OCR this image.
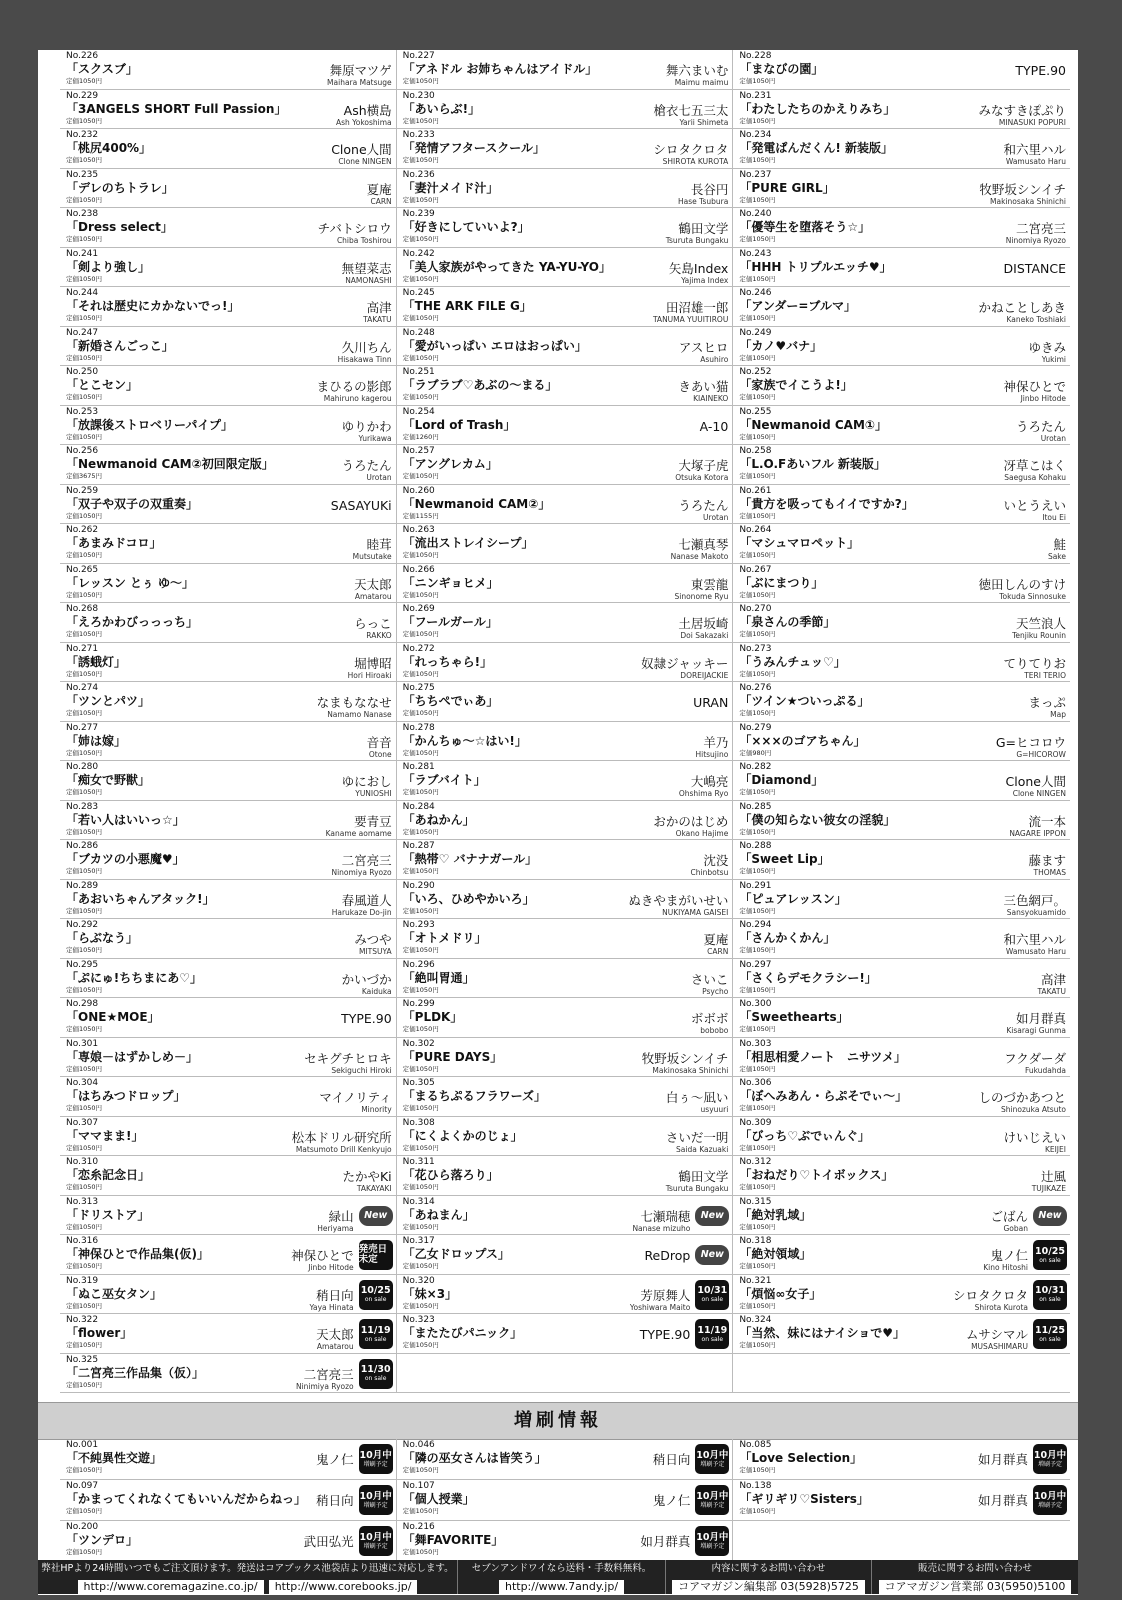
No.226
「スクスブ」
定価1050円
舞原マツゲ
Maihara Matsuge
No.227
「アネドル お姉ちゃんはアイドル」
定価1050円
舞六まいむ
Maimu maimu
No.228
「まなびの園」
定価1050円
TYPE.90
No.229
「3ANGELS SHORT Full Passion」
定価1050円
Ash横島
Ash Yokoshima
No.230
「あいらぶ!」
定価1050円
槍衣七五三太
Yarii Shimeta
No.231
「わたしたちのかえりみち」
定価1050円
みなすきぽぷり
MINASUKI POPURI
No.232
「桃尻400%」
定価1050円
Clone人間
Clone NINGEN
No.233
「発情アフタースクール」
定価1050円
シロタクロタ
SHIROTA KUROTA
No.234
「発電ぱんだくん! 新装版」
定価1050円
和六里ハル
Wamusato Haru
No.235
「デレのちトラレ」
定価1050円
夏庵
CARN
No.236
「妻汁メイド汁」
定価1050円
長谷円
Hase Tsubura
No.237
「PURE GIRL」
定価1050円
牧野坂シンイチ
Makinosaka Shinichi
No.238
「Dress select」
定価1050円
チバトシロウ
Chiba Toshirou
No.239
「好きにしていいよ?」
定価1050円
鶴田文学
Tsuruta Bungaku
No.240
「優等生を堕落そう☆」
定価1050円
二宮亮三
Ninomiya Ryozo
No.241
「剣より強し」
定価1050円
無望菜志
NAMONASHI
No.242
「美人家族がやってきた YA-YU-YO」
定価1050円
矢島Index
Yajima Index
No.243
「HHH トリプルエッチ♥」
定価1050円
DISTANCE
No.244
「それは歴史にカかないでっ!」
定価1050円
高津
TAKATU
No.245
「THE ARK FILE G」
定価1050円
田沼雄一郎
TANUMA YUUITIROU
No.246
「アンダー=ブルマ」
定価1050円
かねことしあき
Kaneko Toshiaki
No.247
「新婚さんごっこ」
定価1050円
久川ちん
Hisakawa Tinn
No.248
「愛がいっぱい エロはおっぱい」
定価1050円
アスヒロ
Asuhiro
No.249
「カノ♥バナ」
定価1050円
ゆきみ
Yukimi
No.250
「とこセン」
定価1050円
まひるの影郎
Mahiruno kagerou
No.251
「ラブラブ♡あぶの～まる」
定価1050円
きあい猫
KIAINEKO
No.252
「家族でイこうよ!」
定価1050円
神保ひとで
Jinbo Hitode
No.253
「放課後ストロベリーパイプ」
定価1050円
ゆりかわ
Yurikawa
No.254
「Lord of Trash」
定価1260円
A-10
No.255
「Newmanoid CAM①」
定価1050円
うろたん
Urotan
No.256
「Newmanoid CAM②初回限定版」
定価3675円
うろたん
Urotan
No.257
「アングレカム」
定価1050円
大塚子虎
Otsuka Kotora
No.258
「L.O.Fあいフル 新装版」
定価1050円
冴草こはく
Saegusa Kohaku
No.259
「双子や双子の双重奏」
定価1050円
SASAYUKi
No.260
「Newmanoid CAM②」
定価1155円
うろたん
Urotan
No.261
「貴方を吸ってもイイですか?」
定価1050円
いとうえい
Itou Ei
No.262
「あまみドコロ」
定価1050円
睦茸
Mutsutake
No.263
「流出ストレイシープ」
定価1050円
七瀬真琴
Nanase Makoto
No.264
「マシュマロペット」
定価1050円
鮭
Sake
No.265
「レッスン とぅ ゆ～」
定価1050円
天太郎
Amatarou
No.266
「ニンギョヒメ」
定価1050円
東雲龍
Sinonome Ryu
No.267
「ぶにまつり」
定価1050円
徳田しんのすけ
Tokuda Sinnosuke
No.268
「えろかわびっっっち」
定価1050円
らっこ
RAKKO
No.269
「フールガール」
定価1050円
土居坂崎
Doi Sakazaki
No.270
「泉さんの季節」
定価1050円
天竺浪人
Tenjiku Rounin
No.271
「誘蛾灯」
定価1050円
堀博昭
Hori Hiroaki
No.272
「れっちゃら!」
定価1050円
奴隷ジャッキー
DOREIJACKIE
No.273
「うみんチュッ♡」
定価1050円
てりてりお
TERI TERIO
No.274
「ツンとパツ」
定価1050円
なまもななせ
Namamo Nanase
No.275
「ちちぺでぃあ」
定価1050円
URAN
No.276
「ツイン★ついっぷる」
定価1050円
まっぷ
Map
No.277
「姉は嫁」
定価1050円
音音
Otone
No.278
「かんちゅ～☆はい!」
定価1050円
羊乃
Hitsujino
No.279
「×××のゴアちゃん」
定価980円
G=ヒコロウ
G=HICOROW
No.280
「痴女で野獣」
定価1050円
ゆにおし
YUNIOSHI
No.281
「ラブバイト」
定価1050円
大嶋亮
Ohshima Ryo
No.282
「Diamond」
定価1050円
Clone人間
Clone NINGEN
No.283
「若い人はいいっ☆」
定価1050円
要青豆
Kaname aomame
No.284
「あねかん」
定価1050円
おかのはじめ
Okano Hajime
No.285
「僕の知らない彼女の淫貌」
定価1050円
流一本
NAGARE IPPON
No.286
「ブカツの小悪魔♥」
定価1050円
二宮亮三
Ninomiya Ryozo
No.287
「熱帯♡ バナナガール」
定価1050円
沈没
Chinbotsu
No.288
「Sweet Lip」
定価1050円
藤ます
THOMAS
No.289
「あおいちゃんアタック!」
定価1050円
春風道人
Harukaze Do-jin
No.290
「いろ、ひめやかいろ」
定価1050円
ぬきやまがいせい
NUKIYAMA GAISEI
No.291
「ピュアレッスン」
定価1050円
三色網戸。
Sansyokuamido
No.292
「らぶなう」
定価1050円
みつや
MITSUYA
No.293
「オトメドリ」
定価1050円
夏庵
CARN
No.294
「さんかくかん」
定価1050円
和六里ハル
Wamusato Haru
No.295
「ぷにゅ!ちちまにあ♡」
定価1050円
かいづか
Kaiduka
No.296
「絶叫胃通」
定価1050円
さいこ
Psycho
No.297
「さくらデモクラシー!」
定価1050円
高津
TAKATU
No.298
「ONE★MOE」
定価1050円
TYPE.90
No.299
「PLDK」
定価1050円
ボボボ
bobobo
No.300
「Sweethearts」
定価1050円
如月群真
Kisaragi Gunma
No.301
「専娘－はずかしめ－」
定価1050円
セキグチヒロキ
Sekiguchi Hiroki
No.302
「PURE DAYS」
定価1050円
牧野坂シンイチ
Makinosaka Shinichi
No.303
「相思相愛ノート　ニサツメ」
定価1050円
フクダーダ
Fukudahda
No.304
「はちみつドロップ」
定価1050円
マイノリティ
Minority
No.305
「まるちぷるフラワーズ」
定価1050円
白ぅ～凪い
usyuuri
No.306
「ぼへみあん・らぷそでぃ～」
定価1050円
しのづかあつと
Shinozuka Atsuto
No.307
「ママまま!」
定価1050円
松本ドリル研究所
Matsumoto Drill Kenkyujo
No.308
「にくよくかのじょ」
定価1050円
さいだ一明
Saida Kazuaki
No.309
「びっち♡ぶでぃんぐ」
定価1050円
けいじえい
KEIJEI
No.310
「恋糸記念日」
定価1050円
たかやKi
TAKAYAKI
No.311
「花ひら落ろり」
定価1050円
鶴田文学
Tsuruta Bungaku
No.312
「おねだり♡トイボックス」
定価1050円
辻風
TUJIKAZE
No.313
「ドリストア」
定価1050円
緑山
Heriyama
New
No.314
「あねまん」
定価1050円
七瀬瑞穂
Nanase mizuho
New
No.315
「絶対乳域」
定価1050円
ごばん
Goban
New
No.316
「神保ひとで作品集(仮)」
定価1050円
神保ひとで
Jinbo Hitode
発売日未定
No.317
「乙女ドロップス」
定価1050円
ReDrop New
No.318
「絶対領域」
定価1050円
鬼ノ仁
Kino Hitoshi
10/25
on sale
No.319
「ぬこ巫女タン」
定価1050円
稍日向
Yaya Hinata
10/25
on sale
No.320
「妹×3」
定価1050円
芳原舞人
Yoshiwara Maito
10/31
on sale
No.321
「煩悩∞女子」
定価1050円
シロタクロタ
Shirota Kurota
10/31
on sale
No.322
「flower」
定価1050円
天太郎
Amatarou
11/19
on sale
No.323
「またたびパニック」
定価1050円
TYPE.90 11/19
on sale
No.324
「当然、妹にはナイショで♥」
定価1050円
ムサシマル
MUSASHIMARU
11/25
on sale
No.325
「二宮亮三作品集（仮）」
定価1050円
二宮亮三
Ninimiya Ryozo
11/30
on sale
増刷情報
No.001
「不純異性交遊」
定価1050円
鬼ノ仁 10月中
増刷予定
No.046
「隣の巫女さんは皆笑う」
定価1050円
稍日向 10月中
増刷予定
No.085
「Love Selection」
定価1050円
如月群真 10月中
増刷予定
No.097
「かまってくれなくてもいいんだからねっ」
定価1050円
稍日向 10月中
増刷予定
No.107
「個人授業」
定価1050円
鬼ノ仁 10月中
増刷予定
No.138
「ギリギリ♡Sisters」
定価1050円
如月群真 10月中
増刷予定
No.200
「ツンデロ」
定価1050円
武田弘光 10月中
増刷予定
No.216
「舞FAVORITE」
定価1050円
如月群真 10月中
増刷予定
弊社HPより24時間いつでもご注文頂けます。発送はコアブックス池袋店より迅速に対応します。
http://www.coremagazine.co.jp/ http://www.corebooks.jp/
セブンアンドワイなら送料・手数料無料。
http://www.7andy.jp/
内容に関するお問い合わせ
コアマガジン編集部 03(5928)5725
販売に関するお問い合わせ
コアマガジン営業部 03(5950)5100
